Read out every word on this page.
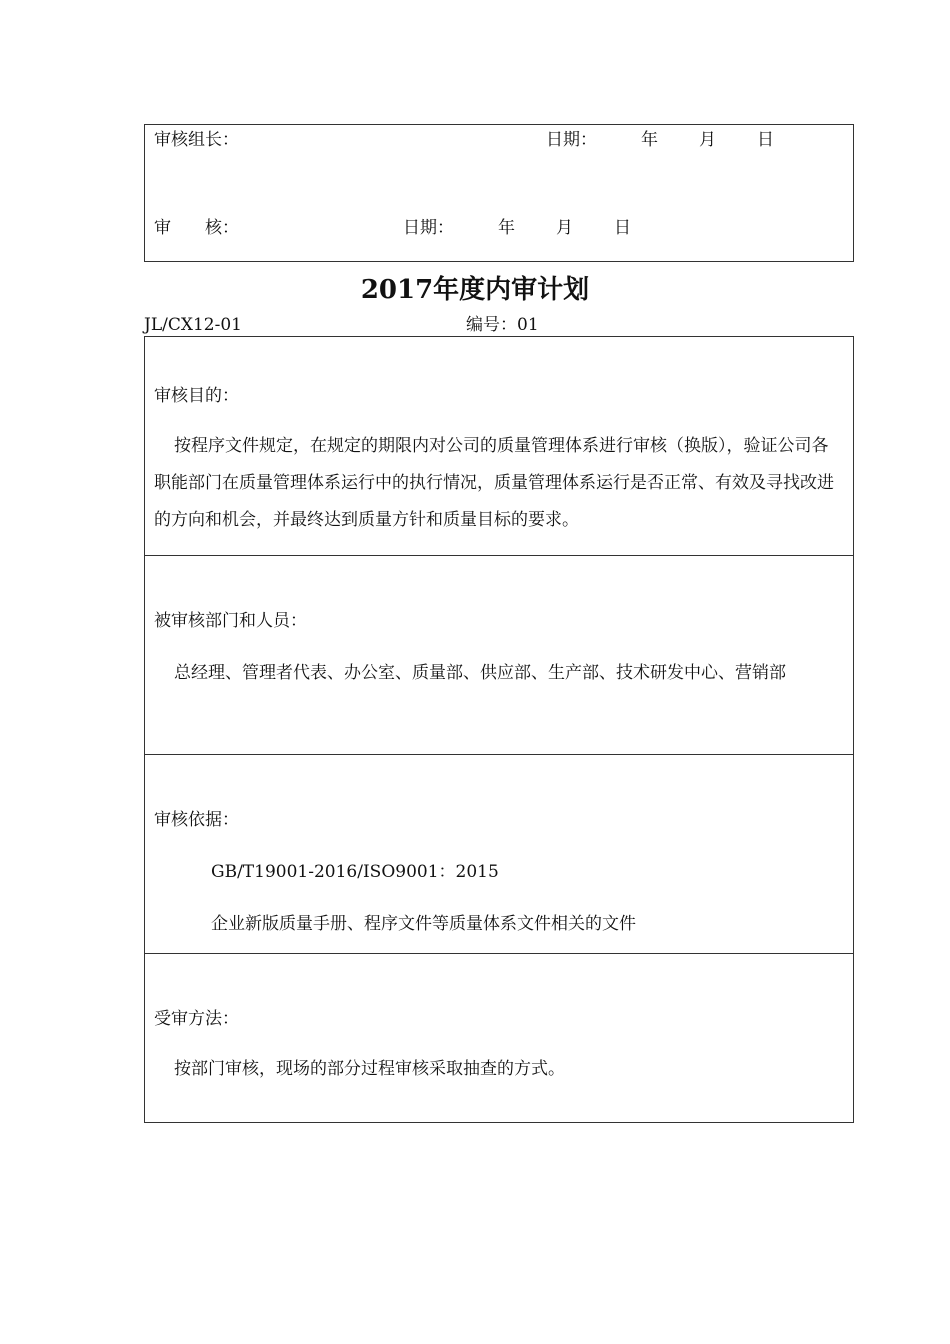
审核组长：	日期：	年 月 日
审　　核：	日期：	年 月 日
2017年度内审计划
JL/CX12-01	编号：01
审核目的：
按程序文件规定，在规定的期限内对公司的质量管理体系进行审核（换版），验证公司各职能部门在质量管理体系运行中的执行情况，质量管理体系运行是否正常、有效及寻找改进的方向和机会，并最终达到质量方针和质量目标的要求。
被审核部门和人员：
总经理、管理者代表、办公室、质量部、供应部、生产部、技术研发中心、营销部
审核依据：
GB/T19001-2016/ISO9001：2015
企业新版质量手册、程序文件等质量体系文件相关的文件
受审方法：
按部门审核，现场的部分过程审核采取抽查的方式。
